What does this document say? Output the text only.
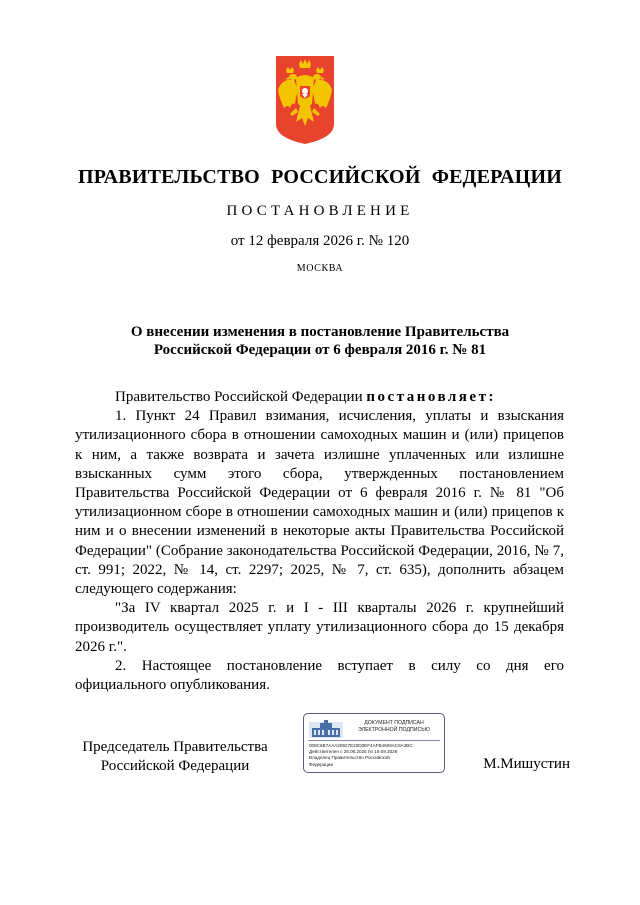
ПРАВИТЕЛЬСТВО РОССИЙСКОЙ ФЕДЕРАЦИИ
ПОСТАНОВЛЕНИЕ
от 12 февраля 2026 г. № 120
МОСКВА
О внесении изменения в постановление Правительства
Российской Федерации от 6 февраля 2016 г. № 81

Правительство Российской Федерации постановляет:

1. Пункт 24 Правил взимания, исчисления, уплаты и взыскания утилизационного сбора в отношении самоходных машин и (или) прицепов к ним, а также возврата и зачета излишне уплаченных или излишне взысканных сумм этого сбора, утвержденных постановлением Правительства Российской Федерации от 6 февраля 2016 г. № 81 "Об утилизационном сборе в отношении самоходных машин и (или) прицепов к ним и о внесении изменений в некоторые акты Правительства Российской Федерации" (Собрание законодательства Российской Федерации, 2016, № 7, ст. 991; 2022, № 14, ст. 2297; 2025, № 7, ст. 635), дополнить абзацем следующего содержания:

"За IV квартал 2025 г. и I - III кварталы 2026 г. крупнейший производитель осуществляет уплату утилизационного сбора до 15 декабря 2026 г.".

2. Настоящее постановление вступает в силу со дня его официального опубликования.

Председатель Правительства
Российской Федерации
ДОКУМЕНТ ПОДПИСАН
ЭЛЕКТРОННОЙ ПОДПИСЬЮ
008C6B7AAA20927E20D0EF4AFB4669AC8A3BC
Действителен с 26.06.2025 по 19.09.2026
Владелец Правительство Российской
Федерации	М.Мишустин
